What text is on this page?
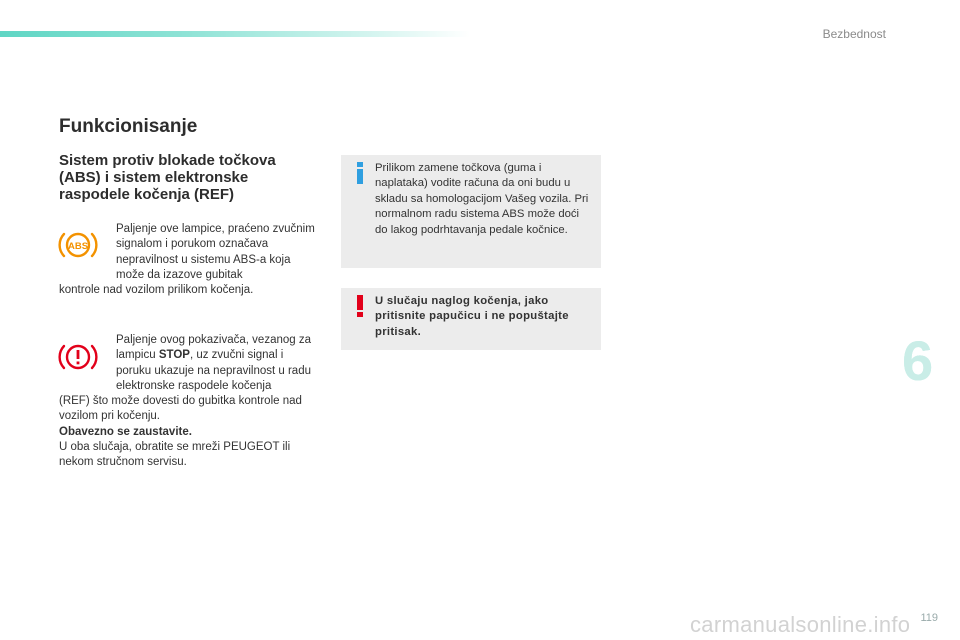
Bezbednost
Funkcionisanje
Sistem protiv blokade točkova (ABS) i sistem elektronske raspodele kočenja (REF)
ABS
Paljenje ove lampice, praćeno zvučnim signalom i porukom označava nepravilnost u sistemu ABS-a koja može da izazove gubitak
kontrole nad vozilom prilikom kočenja.
Paljenje ovog pokazivača, vezanog za lampicu STOP, uz zvučni signal i poruku ukazuje na nepravilnost u radu elektronske raspodele kočenja
(REF) što može dovesti do gubitka kontrole nad vozilom pri kočenju.
Obavezno se zaustavite.
U oba slučaja, obratite se mreži PEUGEOT ili nekom stručnom servisu.
Prilikom zamene točkova (guma i naplataka) vodite računa da oni budu u skladu sa homologacijom Vašeg vozila. Pri normalnom radu sistema ABS može doći do lakog podrhtavanja pedale kočnice.
U slučaju naglog kočenja, jako pritisnite papučicu i ne popuštajte pritisak.	6
carmanualsonline.info 119
